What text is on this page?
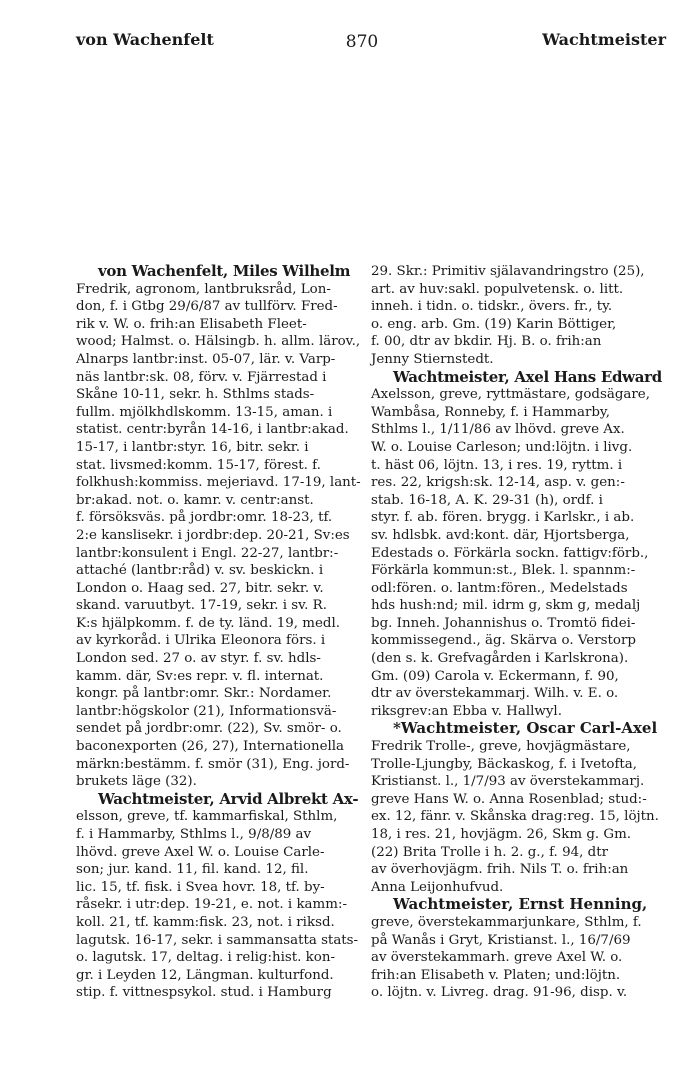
von Wachenfelt	870	Wachtmeister
von Wachenfelt, Miles Wilhelm
Fredrik, agronom, lantbruksråd, Lon-
don, f. i Gtbg 29/6/87 av tullförv. Fred-
rik v. W. o. frih:an Elisabeth Fleet-
wood; Halmst. o. Hälsingb. h. allm. lärov.,
Alnarps lantbr:inst. 05-07, lär. v. Varp-
näs lantbr:sk. 08, förv. v. Fjärrestad i
Skåne 10-11, sekr. h. Sthlms stads-
fullm. mjölkhdlskomm. 13-15, aman. i
statist. centr:byrån 14-16, i lantbr:akad.
15-17, i lantbr:styr. 16, bitr. sekr. i
stat. livsmed:komm. 15-17, förest. f.
folkhush:kommiss. mejeriavd. 17-19, lant-
br:akad. not. o. kamr. v. centr:anst.
f. försöksväs. på jordbr:omr. 18-23, tf.
2:e kanslisekr. i jordbr:dep. 20-21, Sv:es
lantbr:konsulent i Engl. 22-27, lantbr:-
attaché (lantbr:råd) v. sv. beskickn. i
London o. Haag sed. 27, bitr. sekr. v.
skand. varuutbyt. 17-19, sekr. i sv. R.
K:s hjälpkomm. f. de ty. länd. 19, medl.
av kyrkoråd. i Ulrika Eleonora förs. i
London sed. 27 o. av styr. f. sv. hdls-
kamm. där, Sv:es repr. v. fl. internat.
kongr. på lantbr:omr. Skr.: Nordamer.
lantbr:högskolor (21), Informationsvä-
sendet på jordbr:omr. (22), Sv. smör- o.
baconexporten (26, 27), Internationella
märkn:bestämm. f. smör (31), Eng. jord-
brukets läge (32).
Wachtmeister, Arvid Albrekt Ax-
elsson, greve, tf. kammarfiskal, Sthlm,
f. i Hammarby, Sthlms l., 9/8/89 av
lhövd. greve Axel W. o. Louise Carle-
son; jur. kand. 11, fil. kand. 12, fil.
lic. 15, tf. fisk. i Svea hovr. 18, tf. by-
råsekr. i utr:dep. 19-21, e. not. i kamm:-
koll. 21, tf. kamm:fisk. 23, not. i riksd.
lagutsk. 16-17, sekr. i sammansatta stats-
o. lagutsk. 17, deltag. i relig:hist. kon-
gr. i Leyden 12, Längman. kulturfond.
stip. f. vittnespsykol. stud. i Hamburg
29. Skr.: Primitiv själavandringstro (25),
art. av huv:sakl. populvetensk. o. litt.
inneh. i tidn. o. tidskr., övers. fr., ty.
o. eng. arb. Gm. (19) Karin Böttiger,
f. 00, dtr av bkdir. Hj. B. o. frih:an
Jenny Stiernstedt.
Wachtmeister, Axel Hans Edward
Axelsson, greve, ryttmästare, godsägare,
Wambåsa, Ronneby, f. i Hammarby,
Sthlms l., 1/11/86 av lhövd. greve Ax.
W. o. Louise Carleson; und:löjtn. i livg.
t. häst 06, löjtn. 13, i res. 19, ryttm. i
res. 22, krigsh:sk. 12-14, asp. v. gen:-
stab. 16-18, A. K. 29-31 (h), ordf. i
styr. f. ab. fören. brygg. i Karlskr., i ab.
sv. hdlsbk. avd:kont. där, Hjortsberga,
Edestads o. Förkärla sockn. fattigv:förb.,
Förkärla kommun:st., Blek. l. spannm:-
odl:fören. o. lantm:fören., Medelstads
hds hush:nd; mil. idrm g, skm g, medalj
bg. Inneh. Johannishus o. Tromtö fidei-
kommissegend., äg. Skärva o. Verstorp
(den s. k. Grefvagården i Karlskrona).
Gm. (09) Carola v. Eckermann, f. 90,
dtr av överstekammarj. Wilh. v. E. o.
riksgrev:an Ebba v. Hallwyl.
*Wachtmeister, Oscar Carl-Axel
Fredrik Trolle-, greve, hovjägmästare,
Trolle-Ljungby, Bäckaskog, f. i Ivetofta,
Kristianst. l., 1/7/93 av överstekammarj.
greve Hans W. o. Anna Rosenblad; stud:-
ex. 12, fänr. v. Skånska drag:reg. 15, löjtn.
18, i res. 21, hovjägm. 26, Skm g. Gm.
(22) Brita Trolle i h. 2. g., f. 94, dtr
av överhovjägm. frih. Nils T. o. frih:an
Anna Leijonhufvud.
Wachtmeister, Ernst Henning,
greve, överstekammarjunkare, Sthlm, f.
på Wanås i Gryt, Kristianst. l., 16/7/69
av överstekammarh. greve Axel W. o.
frih:an Elisabeth v. Platen; und:löjtn.
o. löjtn. v. Livreg. drag. 91-96, disp. v.
